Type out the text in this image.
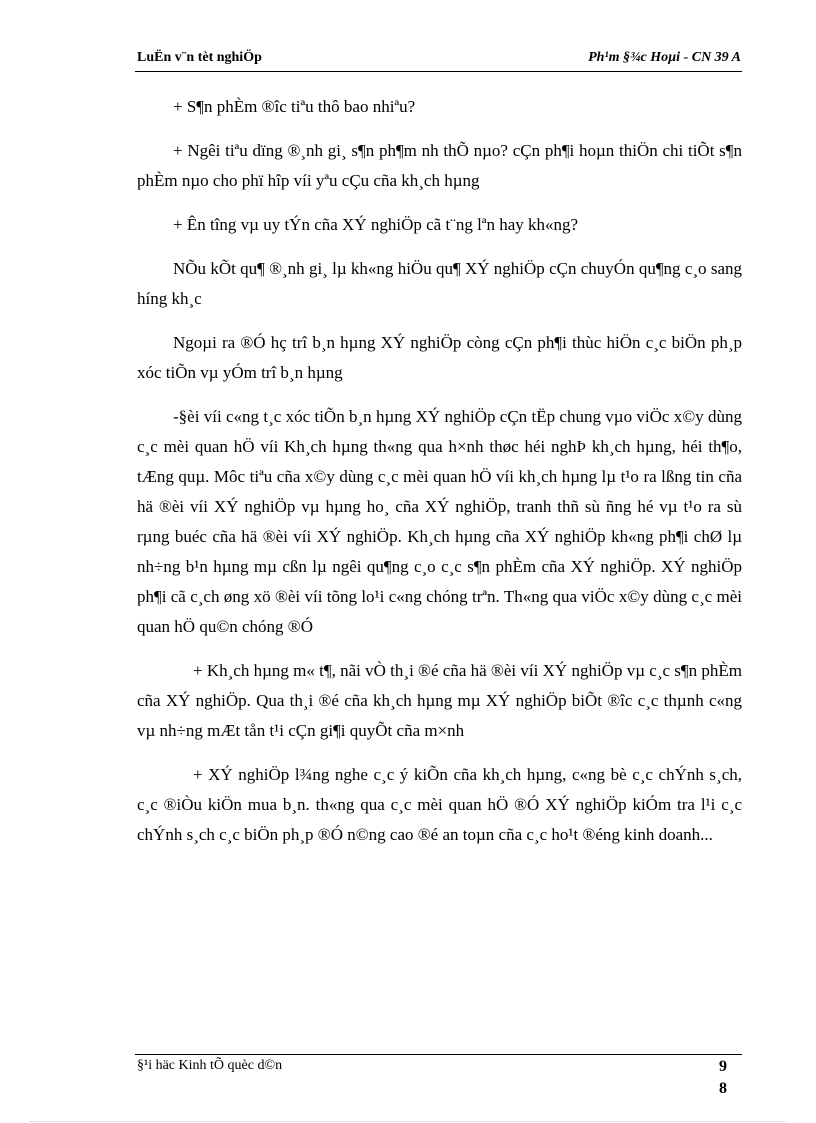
LuËn v¨n tèt nghiÖp	Ph¹m §¾c Hoµi - CN 39 A

+ S¶n phÈm ®îc tiªu thô bao nhiªu?

+ Ngêi tiªu dïng ®¸nh gi¸ s¶n ph¶m nh thÕ nµo? cÇn ph¶i hoµn thiÖn chi tiÕt s¶n phÈm nµo cho phï hîp víi yªu cÇu cña kh¸ch hµng

+ Ên tîng vµ uy tÝn cña XÝ nghiÖp cã t¨ng lªn hay kh«ng?

NÕu kÕt qu¶ ®¸nh gi¸ lµ kh«ng hiÖu qu¶ XÝ nghiÖp cÇn chuyÓn qu¶ng c¸o sang híng kh¸c

Ngoµi ra ®Ó hç trî b¸n hµng XÝ nghiÖp còng cÇn ph¶i thùc hiÖn c¸c biÖn ph¸p xóc tiÕn vµ yÓm trî b¸n hµng

-§èi víi c«ng t¸c xóc tiÕn b¸n hµng XÝ nghiÖp cÇn tËp chung vµo viÖc x©y dùng c¸c mèi quan hÖ víi Kh¸ch hµng th«ng qua h×nh thøc héi nghÞ kh¸ch hµng, héi th¶o, tÆng quµ. Môc tiªu cña x©y dùng c¸c mèi quan hÖ víi kh¸ch hµng lµ t¹o ra lßng tin cña hä ®èi víi XÝ nghiÖp vµ hµng ho¸ cña XÝ nghiÖp, tranh thñ sù ñng hé vµ t¹o ra sù rµng buéc cña hä ®èi víi XÝ nghiÖp. Kh¸ch hµng cña XÝ nghiÖp kh«ng ph¶i chØ lµ nh÷ng b¹n hµng mµ cßn lµ ngêi qu¶ng c¸o c¸c s¶n phÈm cña XÝ nghiÖp. XÝ nghiÖp ph¶i cã c¸ch øng xö ®èi víi tõng lo¹i c«ng chóng trªn. Th«ng qua viÖc x©y dùng c¸c mèi quan hÖ qu©n chóng ®Ó

+ Kh¸ch hµng m« t¶, nãi vÒ th¸i ®é cña hä ®èi víi XÝ nghiÖp vµ c¸c s¶n phÈm cña XÝ nghiÖp. Qua th¸i ®é cña kh¸ch hµng mµ XÝ nghiÖp biÕt ®îc c¸c thµnh c«ng vµ nh÷ng mÆt tån t¹i cÇn gi¶i quyÕt cña m×nh

+ XÝ nghiÖp l¾ng nghe c¸c ý kiÕn cña kh¸ch hµng, c«ng bè c¸c chÝnh s¸ch, c¸c ®iÒu kiÖn mua b¸n. th«ng qua c¸c mèi quan hÖ ®Ó XÝ nghiÖp kiÓm tra l¹i c¸c chÝnh s¸ch c¸c biÖn ph¸p ®Ó n©ng cao ®é an toµn cña c¸c ho¹t ®éng kinh doanh...

§¹i häc Kinh tÕ quèc d©n	9
8
